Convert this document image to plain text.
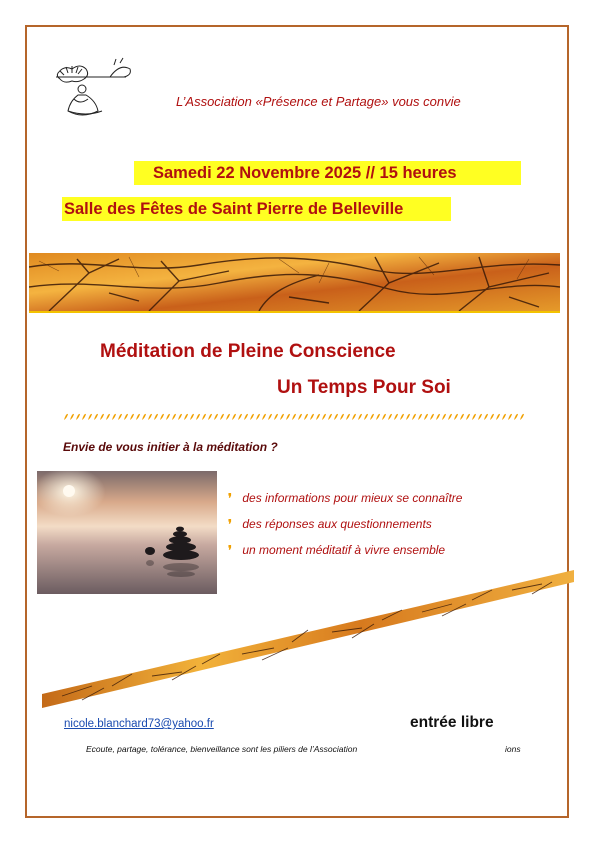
L’Association «Présence et Partage» vous convie
Samedi 22 Novembre 2025 // 15 heures
Salle des Fêtes de Saint Pierre de Belleville
Méditation de Pleine Conscience
Un Temps Pour Soi
Envie de vous initier à la méditation ?
❜ des informations pour mieux se connaître
❜ des réponses aux questionnements
❜ un moment méditatif à vivre ensemble
nicole.blanchard73@yahoo.fr	entrée libre
Ecoute, partage, tolérance, bienveillance sont les piliers de l’Association	ions
